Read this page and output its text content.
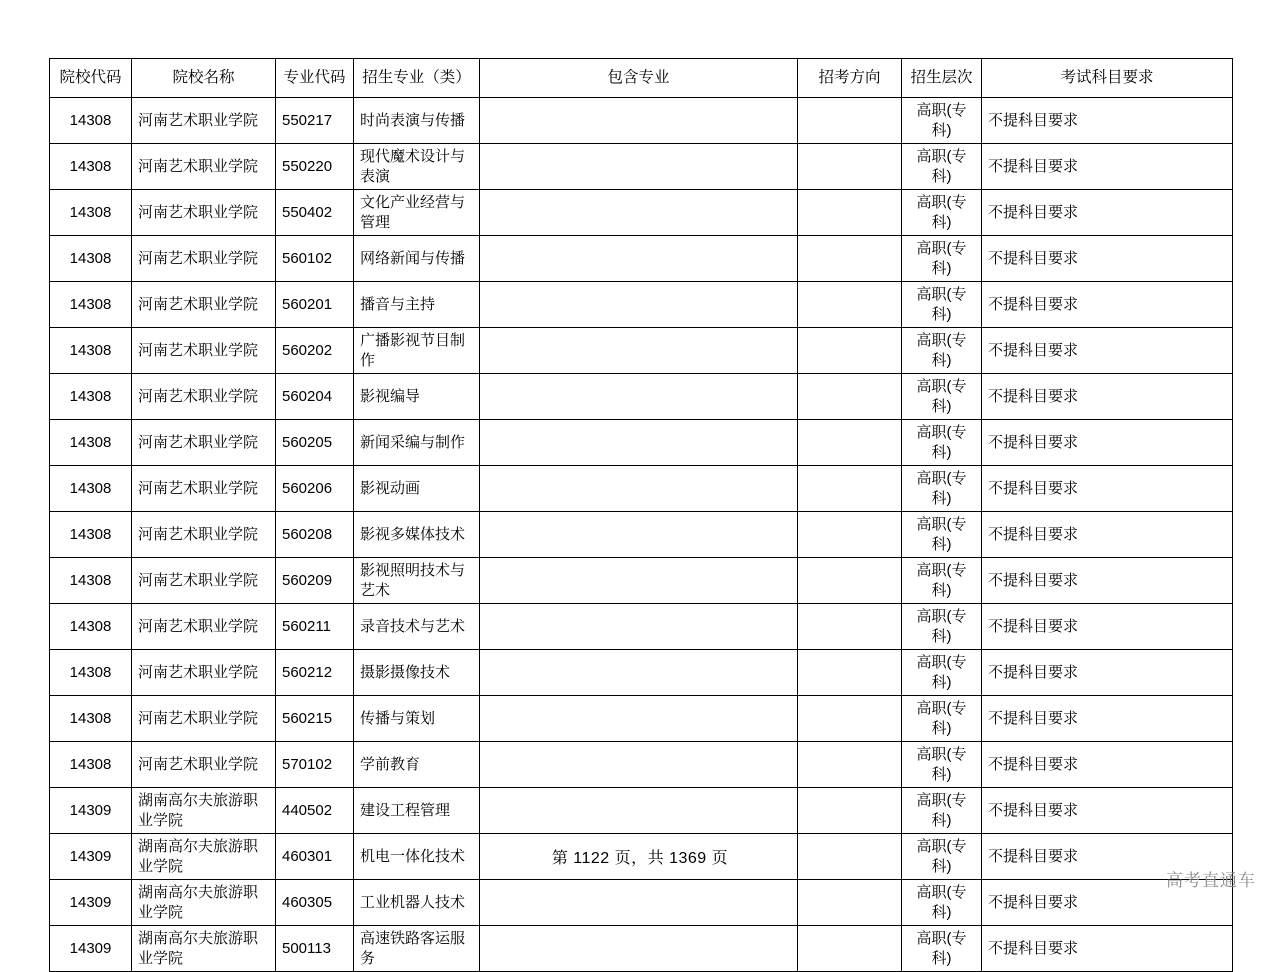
院校代码	院校名称	专业代码	招生专业（类）	包含专业	招考方向	招生层次	考试科目要求
14308	河南艺术职业学院	550217	时尚表演与传播			高职(专科)	不提科目要求
14308	河南艺术职业学院	550220	现代魔术设计与表演			高职(专科)	不提科目要求
14308	河南艺术职业学院	550402	文化产业经营与管理			高职(专科)	不提科目要求
14308	河南艺术职业学院	560102	网络新闻与传播			高职(专科)	不提科目要求
14308	河南艺术职业学院	560201	播音与主持			高职(专科)	不提科目要求
14308	河南艺术职业学院	560202	广播影视节目制作			高职(专科)	不提科目要求
14308	河南艺术职业学院	560204	影视编导			高职(专科)	不提科目要求
14308	河南艺术职业学院	560205	新闻采编与制作			高职(专科)	不提科目要求
14308	河南艺术职业学院	560206	影视动画			高职(专科)	不提科目要求
14308	河南艺术职业学院	560208	影视多媒体技术			高职(专科)	不提科目要求
14308	河南艺术职业学院	560209	影视照明技术与艺术			高职(专科)	不提科目要求
14308	河南艺术职业学院	560211	录音技术与艺术			高职(专科)	不提科目要求
14308	河南艺术职业学院	560212	摄影摄像技术			高职(专科)	不提科目要求
14308	河南艺术职业学院	560215	传播与策划			高职(专科)	不提科目要求
14308	河南艺术职业学院	570102	学前教育			高职(专科)	不提科目要求
14309	湖南高尔夫旅游职业学院	440502	建设工程管理			高职(专科)	不提科目要求
14309	湖南高尔夫旅游职业学院	460301	机电一体化技术			高职(专科)	不提科目要求
14309	湖南高尔夫旅游职业学院	460305	工业机器人技术			高职(专科)	不提科目要求
14309	湖南高尔夫旅游职业学院	500113	高速铁路客运服务			高职(专科)	不提科目要求
第 1122 页，共 1369 页
高考直通车
